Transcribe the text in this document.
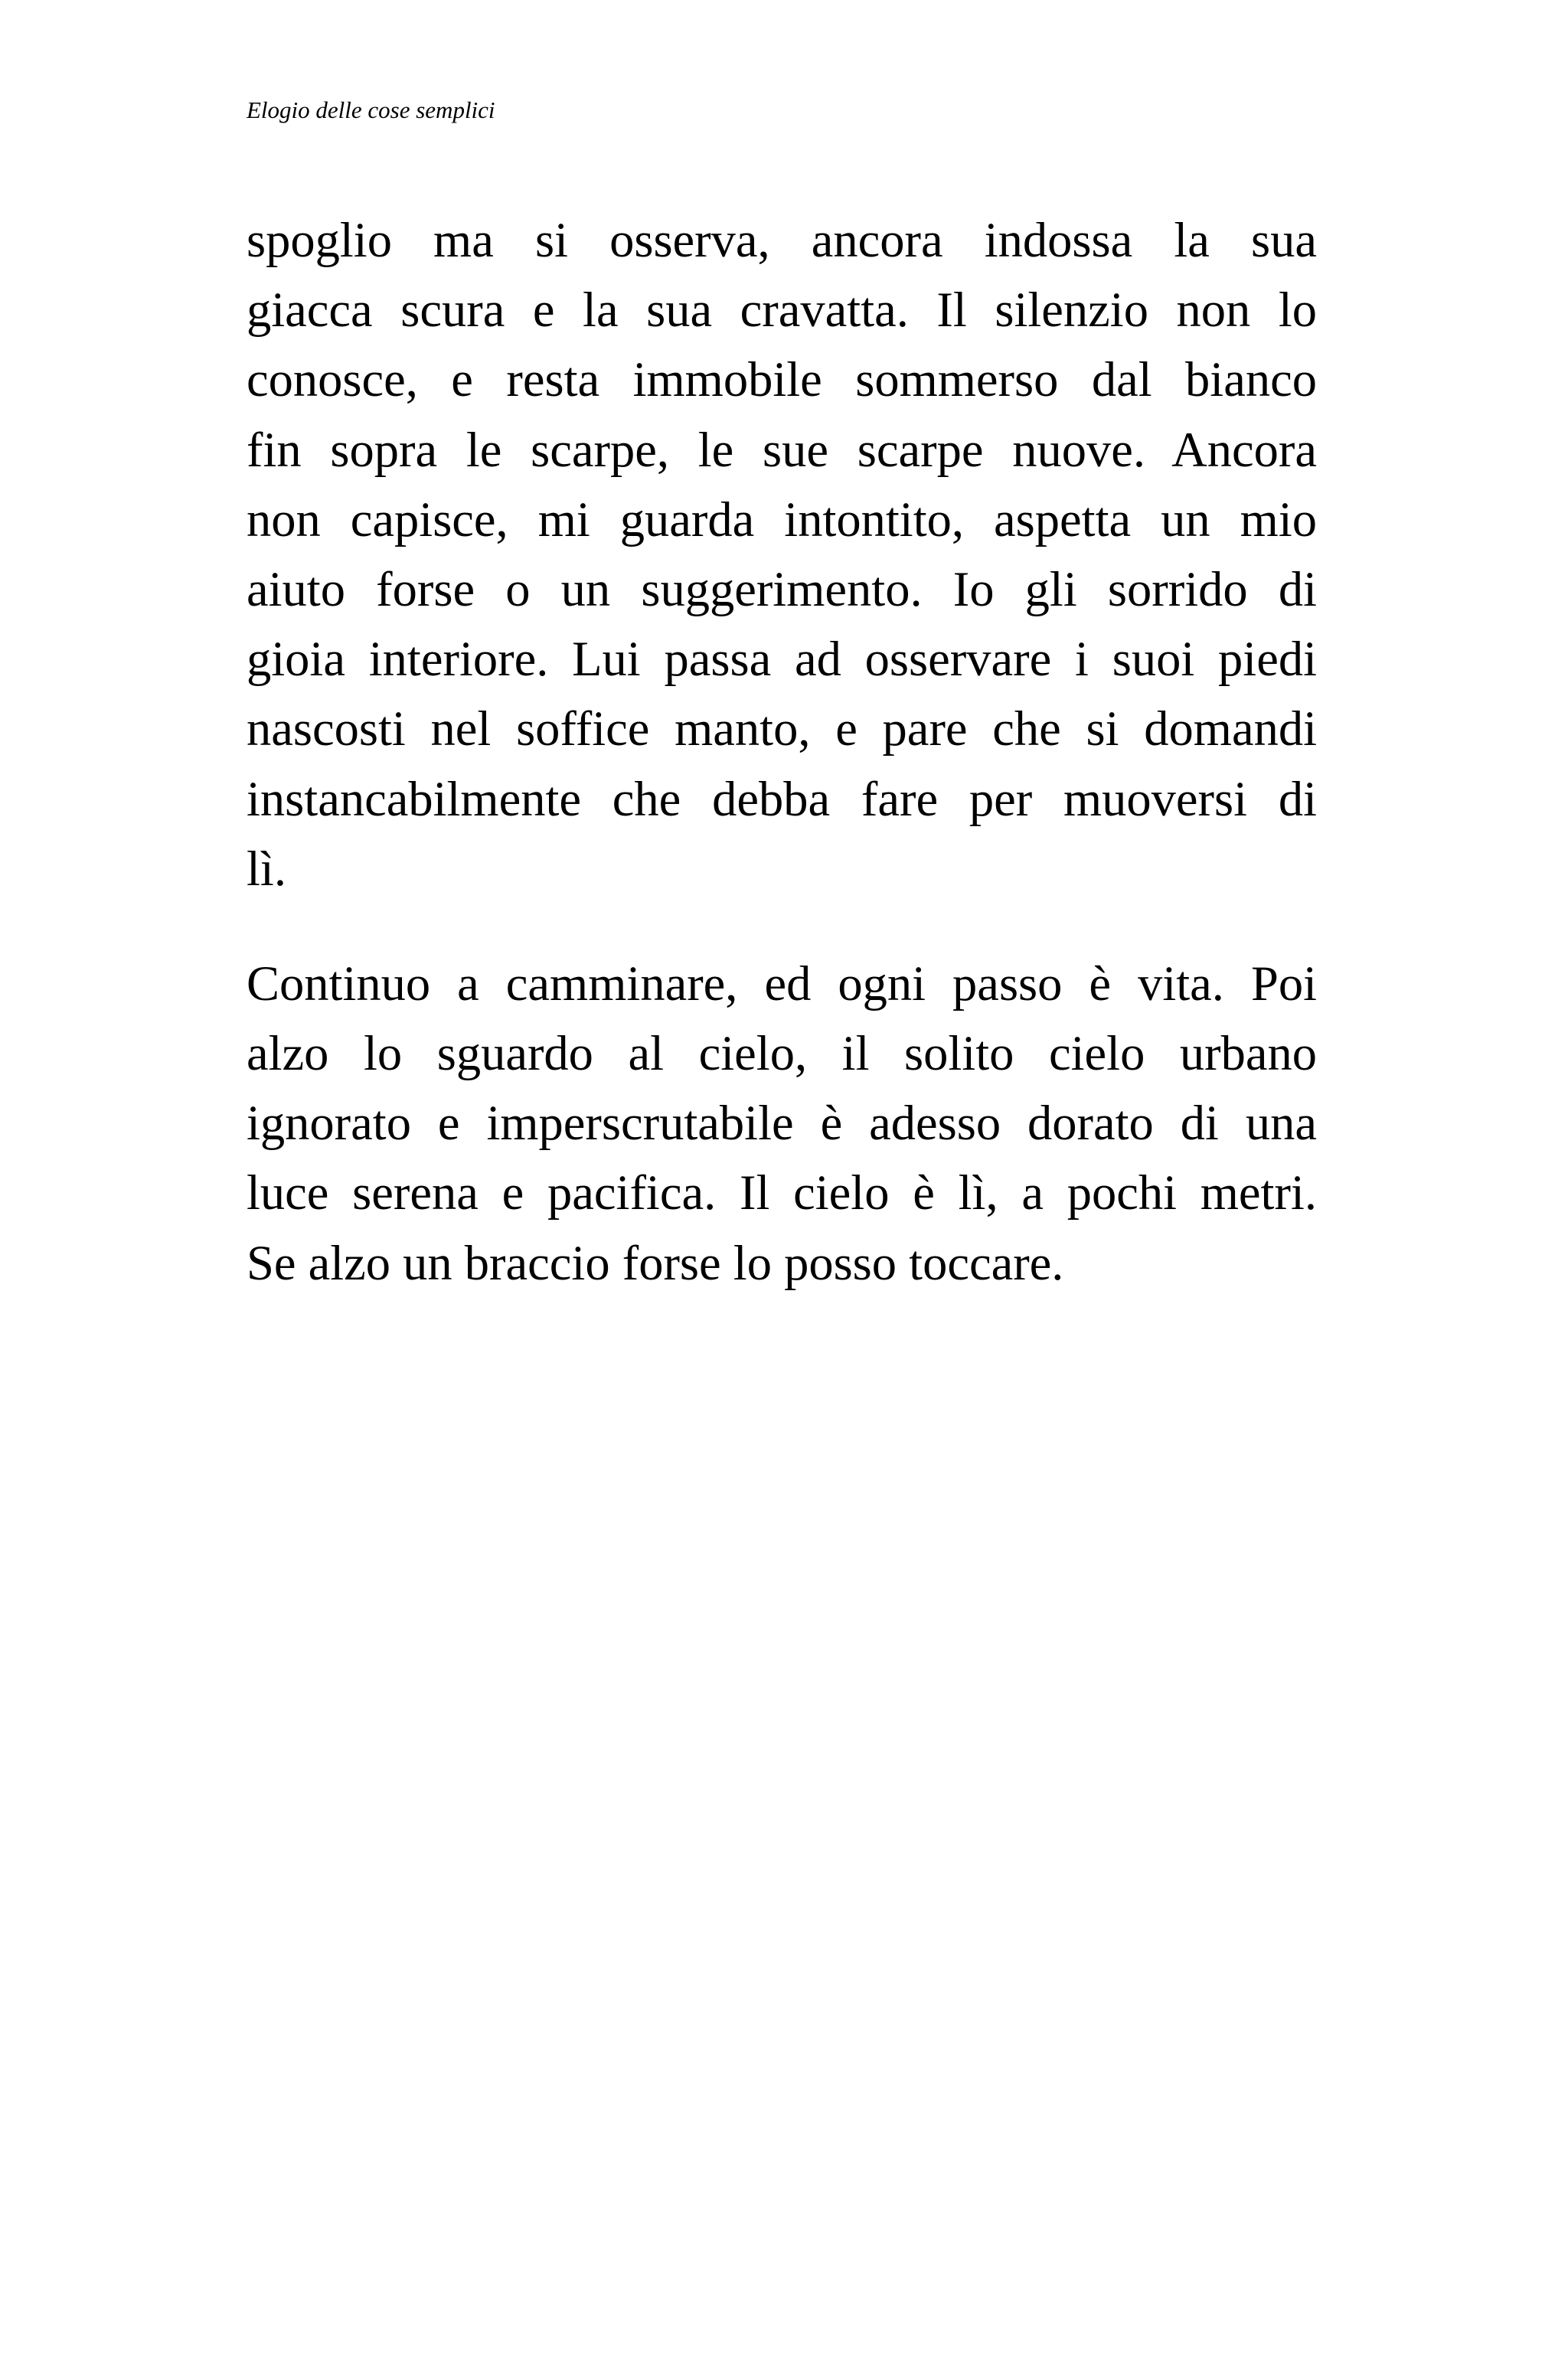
Elogio delle cose semplici

spoglio ma si osserva, ancora indossa la sua
giacca scura e la sua cravatta. Il silenzio non lo
conosce, e resta immobile sommerso dal bianco
fin sopra le scarpe, le sue scarpe nuove. Ancora
non capisce, mi guarda intontito, aspetta un mio
aiuto forse o un suggerimento. Io gli sorrido di
gioia interiore. Lui passa ad osservare i suoi piedi
nascosti nel soffice manto, e pare che si domandi
instancabilmente che debba fare per muoversi di
lì.

Continuo a camminare, ed ogni passo è vita. Poi
alzo lo sguardo al cielo, il solito cielo urbano
ignorato e imperscrutabile è adesso dorato di una
luce serena e pacifica. Il cielo è lì, a pochi metri.
Se alzo un braccio forse lo posso toccare.
